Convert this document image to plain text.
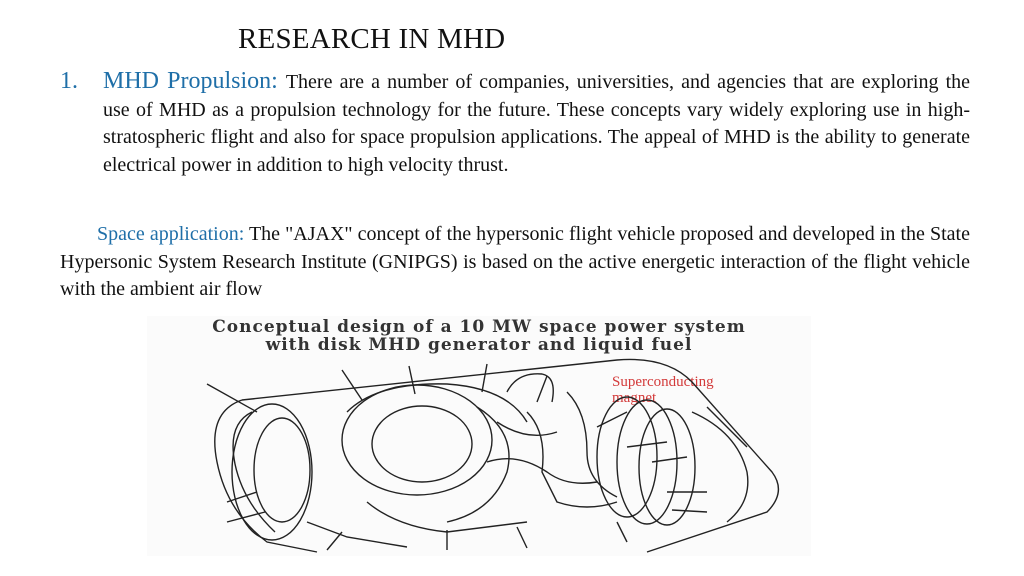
RESEARCH IN MHD
1. MHD Propulsion: There are a number of companies, universities, and agencies that are exploring the use of MHD as a propulsion technology for the future. These concepts vary widely exploring use in high- stratospheric flight and also for space propulsion applications. The appeal of MHD is the ability to generate electrical power in addition to high velocity thrust.
Space application: The "AJAX" concept of the hypersonic flight vehicle proposed and developed in the State Hypersonic System Research Institute (GNIPGS) is based on the active energetic interaction of the flight vehicle with the ambient air flow
Conceptual design of a 10 MW space power system
with disk MHD generator and liquid fuel
Superconducting
magnet
